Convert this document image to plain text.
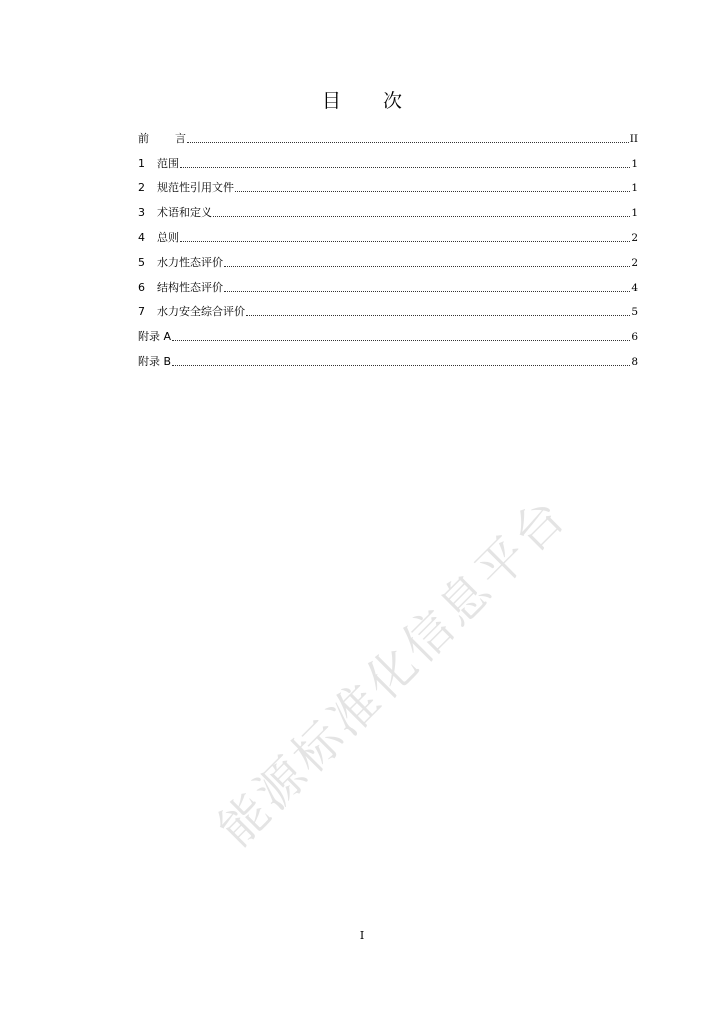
目 次
前 言	II
1 范围	1
2 规范性引用文件	1
3 术语和定义	1
4 总则	2
5 水力性态评价	2
6 结构性态评价	4
7 水力安全综合评价	5
附录 A	6
附录 B	8
能源标准化信息平台
I
